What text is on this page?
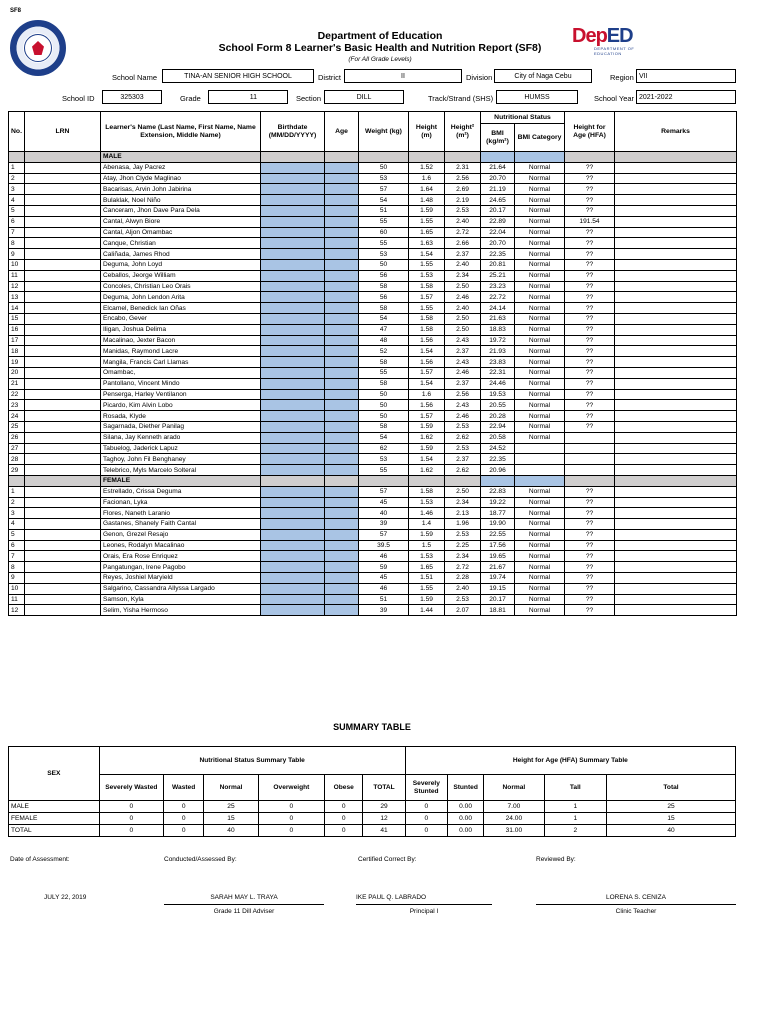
SF8
DepED
DEPARTMENT OF EDUCATION
Department of Education
School Form 8 Learner's Basic Health and Nutrition Report (SF8)
(For All Grade Levels)
School Name	TINA-AN SENIOR HIGH SCHOOL	District	II	Division	City of Naga Cebu	Region VII
School ID	325303	Grade	11	Section	DILL	Track/Strand (SHS)	HUMSS	School Year 2021-2022
No.	LRN	Learner's Name (Last Name, First Name, Name Extension, Middle Name)	Birthdate (MM/DD/YYYY)	Age	Weight (kg)	Height (m)	Height² (m²)	Nutritional Status		Height for Age (HFA)	Remarks
								BMI (kg/m²)	BMI Category		
		MALE									
1		Abenasa, Jay Pacrez			50	1.52	2.31	21.64	Normal	??	
2		Atay, Jhon Clyde Maglinao			53	1.6	2.56	20.70	Normal	??	
3		Bacarisas, Arvin John Jabirina			57	1.64	2.69	21.19	Normal	??	
4		Bulaklak, Noel Niño			54	1.48	2.19	24.65	Normal	??	
5		Canceram, Jhon Dave Para Dela			51	1.59	2.53	20.17	Normal	??	
6		Cantal, Alwyn Biore			55	1.55	2.40	22.89	Normal	191.54	
7		Cantal, Aljon Omambac			60	1.65	2.72	22.04	Normal	??	
8		Canque, Christian			55	1.63	2.66	20.70	Normal	??	
9		Caliñada, James Rhod			53	1.54	2.37	22.35	Normal	??	
10		Deguma, John Loyd			50	1.55	2.40	20.81	Normal	??	
11		Ceballos, Jeorge William			56	1.53	2.34	25.21	Normal	??	
12		Concoles, Christian Leo Orais			58	1.58	2.50	23.23	Normal	??	
13		Deguma, John Lendon Arita			56	1.57	2.46	22.72	Normal	??	
14		Elcamel, Benedick Ian Oñas			58	1.55	2.40	24.14	Normal	??	
15		Encabo, Gever			54	1.58	2.50	21.63	Normal	??	
16		Iligan, Joshua Delima			47	1.58	2.50	18.83	Normal	??	
17		Macalinao, Jexter Bacon			48	1.56	2.43	19.72	Normal	??	
18		Manidas, Raymond Lacre			52	1.54	2.37	21.93	Normal	??	
19		Mangila, Francis Carl Llamas			58	1.56	2.43	23.83	Normal	??	
20		Omambac,			55	1.57	2.46	22.31	Normal	??	
21		Pantollano, Vincent Mindo			58	1.54	2.37	24.46	Normal	??	
22		Penserga, Harley Ventilanon			50	1.6	2.56	19.53	Normal	??	
23		Picardo, Kim Alvin Lobo			50	1.56	2.43	20.55	Normal	??	
24		Rosada, Klyde			50	1.57	2.46	20.28	Normal	??	
25		Sagarnada, Diether Panilag			58	1.59	2.53	22.94	Normal	??	
26		Silana, Jay Kenneth arado			54	1.62	2.62	20.58	Normal		
27		Tabuelog, Jaderick Lapuz			62	1.59	2.53	24.52			
28		Taghoy, John Fil Benghaney			53	1.54	2.37	22.35			
29		Telebrico, Myls Marcelo Solteral			55	1.62	2.62	20.96			
		FEMALE									
1		Estrellado, Crissa Deguma			57	1.58	2.50	22.83	Normal	??	
2		Facionan, Lyka			45	1.53	2.34	19.22	Normal	??	
3		Flores, Naneth Laranio			40	1.46	2.13	18.77	Normal	??	
4		Gastanes, Shanely Faith Cantal			39	1.4	1.96	19.90	Normal	??	
5		Genon, Grezel Resajo			57	1.59	2.53	22.55	Normal	??	
6		Leones, Rodalyn Macalinao			39.5	1.5	2.25	17.56	Normal	??	
7		Orais, Era Rose Enriquez			46	1.53	2.34	19.65	Normal	??	
8		Pangatungan, Irene Pagobo			59	1.65	2.72	21.67	Normal	??	
9		Reyes, Joshiel Maryield			45	1.51	2.28	19.74	Normal	??	
10		Salgarino, Cassandra Allyssa Largado			46	1.55	2.40	19.15	Normal	??	
11		Samson, Kyla			51	1.59	2.53	20.17	Normal	??	
12		Selim, Yisha Hermoso			39	1.44	2.07	18.81	Normal	??	
SUMMARY TABLE
SEX	Nutritional Status Summary Table						Height for Age (HFA) Summary Table				
	Severely Wasted	Wasted	Normal	Overweight	Obese	TOTAL	Severely Stunted	Stunted	Normal	Tall	Total
MALE	0	0	25	0	0	29	0	0.00	7.00	1	25
FEMALE	0	0	15	0	0	12	0	0.00	24.00	1	15
TOTAL	0	0	40	0	0	41	0	0.00	31.00	2	40
Date of Assessment:	Conducted/Assessed By:	Certified Correct By:	Reviewed By:
JULY 22, 2019	SARAH MAY L. TRAYA
Grade 11 Dill Adviser
IKE PAUL Q. LABRADO
Principal I
LORENA S. CENIZA
Clinic Teacher
